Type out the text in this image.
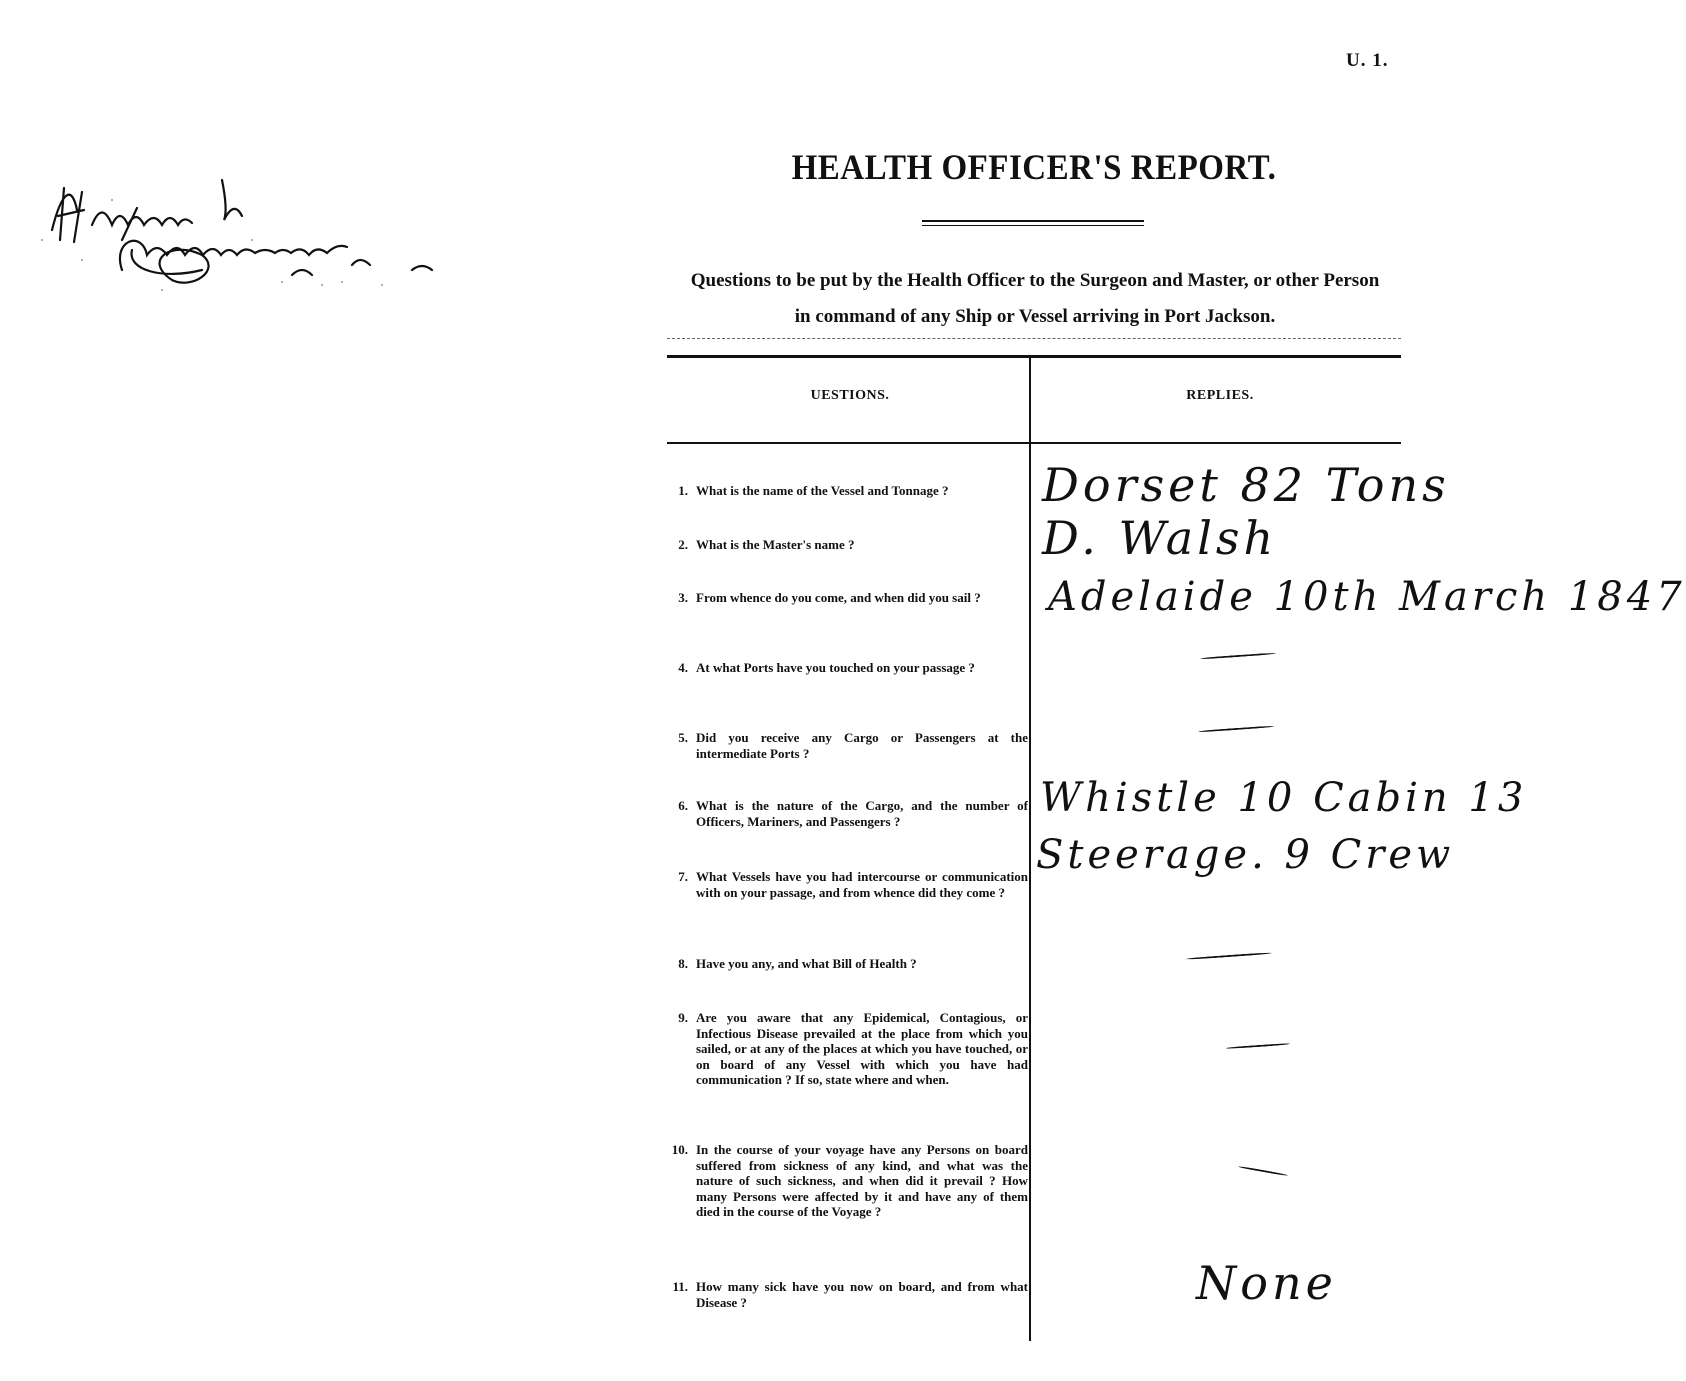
U. 1.
The Honorable	HEALTH OFFICER'S REPORT.
Questions to be put by the Health Officer to the Surgeon and Master, or other Person
in command of any Ship or Vessel arriving in Port Jackson.
UESTIONS.	REPLIES.
1. What is the name of the Vessel and Tonnage ?
2. What is the Master's name ?
3. From whence do you come, and when did you sail ?
4. At what Ports have you touched on your passage ?
5. Did you receive any Cargo or Passengers at the intermediate Ports ?
6. What is the nature of the Cargo, and the number of Officers, Mariners, and Passengers ?
7. What Vessels have you had intercourse or communication with on your passage, and from whence did they come ?
8. Have you any, and what Bill of Health ?
9. Are you aware that any Epidemical, Contagious, or Infectious Disease prevailed at the place from which you sailed, or at any of the places at which you have touched, or on board of any Vessel with which you have had communication ? If so, state where and when.
10. In the course of your voyage have any Persons on board suffered from sickness of any kind, and what was the nature of such sickness, and when did it prevail ? How many Persons were affected by it and have any of them died in the course of the Voyage ?
11. How many sick have you now on board, and from what Disease ?
Dorset 82 Tons
D. Walsh
Adelaide 10th March 1847
Whistle 10 Cabin 13
Steerage. 9 Crew
None
